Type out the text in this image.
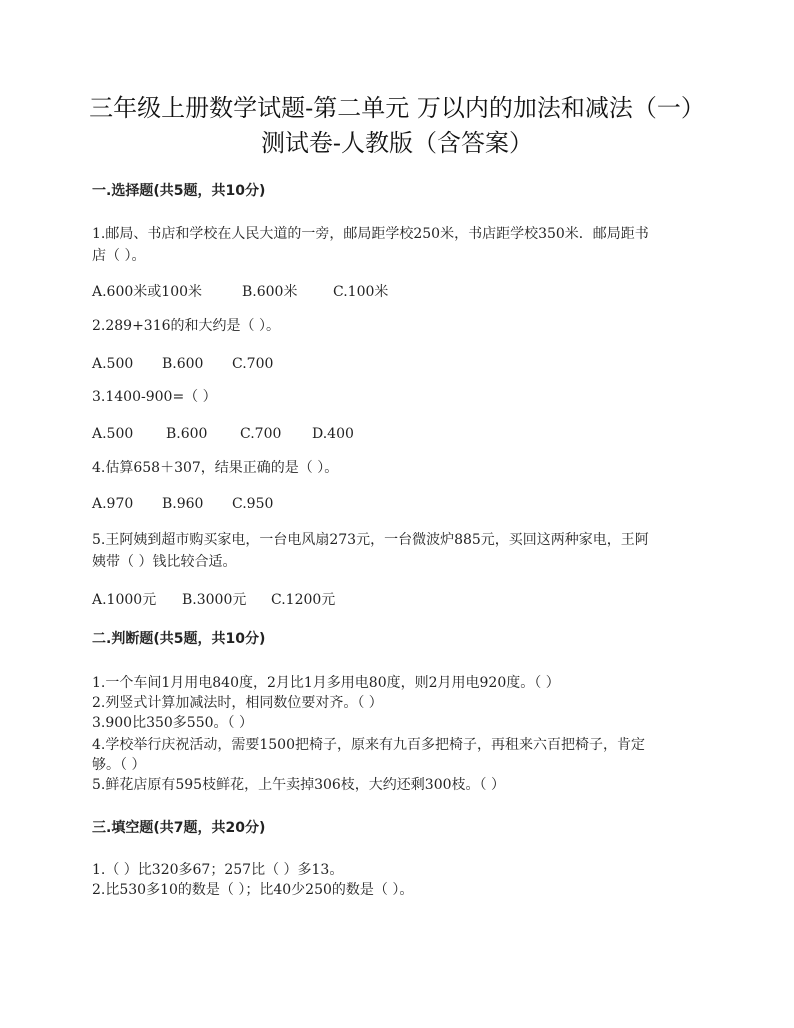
三年级上册数学试题-第二单元 万以内的加法和减法（一）
测试卷-人教版（含答案）
一.选择题(共5题，共10分)
1.邮局、书店和学校在人民大道的一旁，邮局距学校250米，书店距学校350米．邮局距书
店（ ）。
A.600米或100米	B.600米	C.100米
2.289+316的和大约是（ ）。
A.500 B.600 C.700
3.1400-900=（ ）
A.500 B.600 C.700 D.400
4.估算658＋307，结果正确的是（ ）。
A.970 B.960 C.950
5.王阿姨到超市购买家电，一台电风扇273元，一台微波炉885元，买回这两种家电，王阿
姨带（ ）钱比较合适。
A.1000元 B.3000元 C.1200元
二.判断题(共5题，共10分)
1.一个车间1月用电840度，2月比1月多用电80度，则2月用电920度。（ ）
2.列竖式计算加减法时，相同数位要对齐。（ ）
3.900比350多550。（ ）
4.学校举行庆祝活动，需要1500把椅子，原来有九百多把椅子，再租来六百把椅子，肯定
够。（ ）
5.鲜花店原有595枝鲜花，上午卖掉306枝，大约还剩300枝。（ ）
三.填空题(共7题，共20分)
1.（ ）比320多67；257比（ ）多13。
2.比530多10的数是（ ）；比40少250的数是（ ）。
